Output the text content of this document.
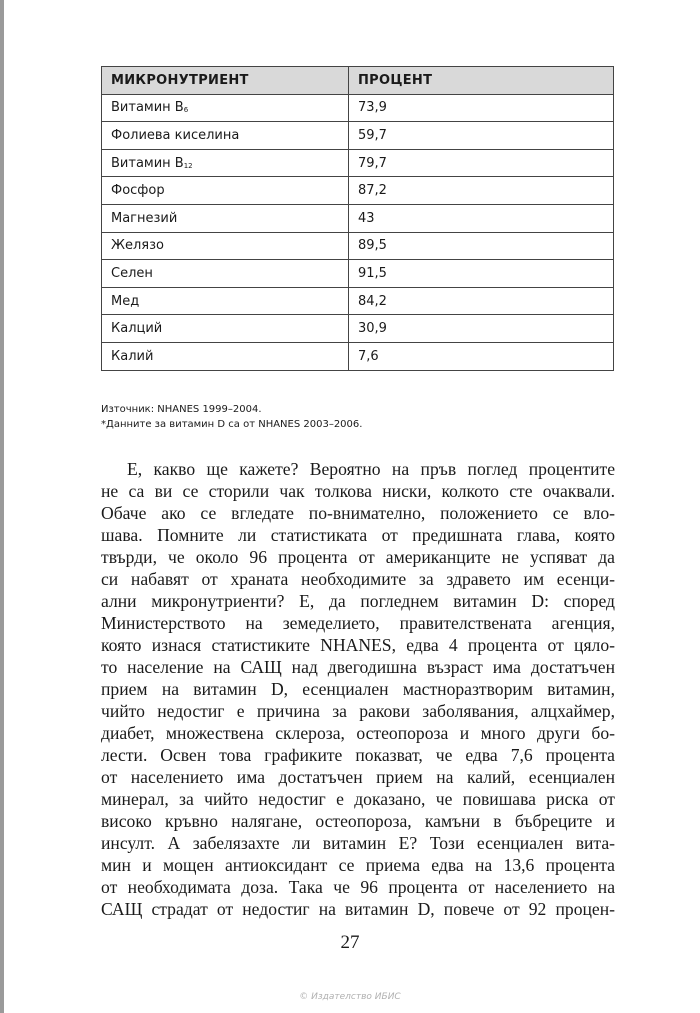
МИКРОНУТРИЕНТ	ПРОЦЕНТ
Витамин B6	73,9
Фолиева киселина	59,7
Витамин B12	79,7
Фосфор	87,2
Магнезий	43
Желязо	89,5
Селен	91,5
Мед	84,2
Калций	30,9
Калий	7,6
Източник: NHANES 1999–2004.
*Данните за витамин D са от NHANES 2003–2006.
Е, какво ще кажете? Вероятно на пръв поглед процентите
не са ви се сторили чак толкова ниски, колкото сте очаквали.
Обаче ако се вгледате по-внимателно, положението се вло-
шава. Помните ли статистиката от предишната глава, която
твърди, че около 96 процента от американците не успяват да
си набавят от храната необходимите за здравето им есенци-
ални микронутриенти? Е, да погледнем витамин D: според
Министерството на земеделието, правителствената агенция,
която изнася статистиките NHANES, едва 4 процента от цяло-
то население на САЩ над двегодишна възраст има достатъчен
прием на витамин D, есенциален мастноразтворим витамин,
чийто недостиг е причина за ракови заболявания, алцхаймер,
диабет, множествена склероза, остеопороза и много други бо-
лести. Освен това графиките показват, че едва 7,6 процента
от населението има достатъчен прием на калий, есенциален
минерал, за чийто недостиг е доказано, че повишава риска от
високо кръвно налягане, остеопороза, камъни в бъбреците и
инсулт. А забелязахте ли витамин Е? Този есенциален вита-
мин и мощен антиоксидант се приема едва на 13,6 процента
от необходимата доза. Така че 96 процента от населението на
САЩ страдат от недостиг на витамин D, повече от 92 процен-
27
© Издателство ИБИС
